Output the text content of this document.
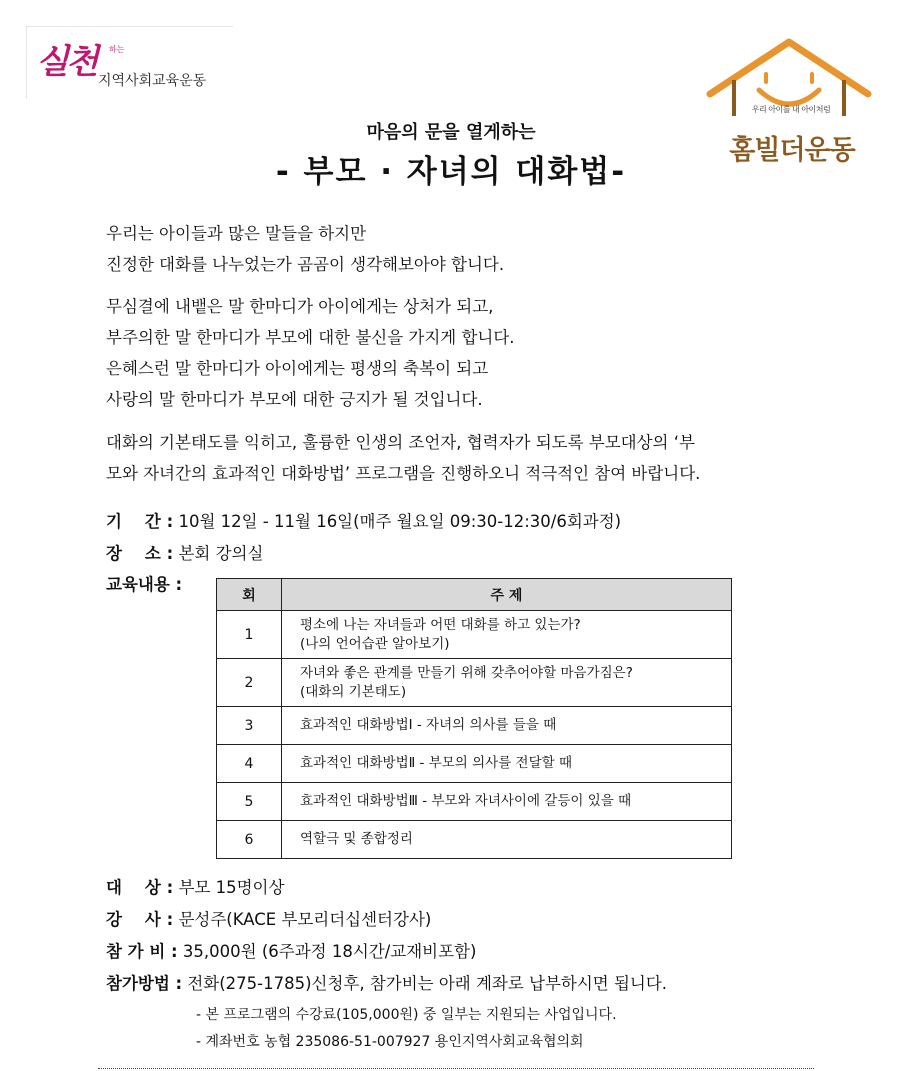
실천 하는
지역사회교육운동
우리 아이를 내 아이처럼
홈빌더운동
마음의 문을 열게하는
- 부모 · 자녀의 대화법-
우리는 아이들과 많은 말들을 하지만
진정한 대화를 나누었는가 곰곰이 생각해보아야 합니다.
무심결에 내뱉은 말 한마디가 아이에게는 상처가 되고,
부주의한 말 한마디가 부모에 대한 불신을 가지게 합니다.
은혜스런 말 한마디가 아이에게는 평생의 축복이 되고
사랑의 말 한마디가 부모에 대한 긍지가 될 것입니다.
대화의 기본태도를 익히고, 훌륭한 인생의 조언자, 협력자가 되도록 부모대상의 ‘부
모와 자녀간의 효과적인 대화방법’ 프로그램을 진행하오니 적극적인 참여 바랍니다.
기    간 : 10월 12일 - 11월 16일(매주 월요일 09:30-12:30/6회과정)
장    소 : 본회 강의실
교육내용 :
회	주 제
1	평소에 나는 자녀들과 어떤 대화를 하고 있는가?
(나의 언어습관 알아보기)

2	자녀와 좋은 관계를 만들기 위해 갖추어야할 마음가짐은?
(대화의 기본태도)

3	효과적인 대화방법Ⅰ - 자녀의 의사를 들을 때
4	효과적인 대화방법Ⅱ - 부모의 의사를 전달할 때
5	효과적인 대화방법Ⅲ - 부모와 자녀사이에 갈등이 있을 때
6	역할극 및 종합정리
대    상 : 부모 15명이상
강    사 : 문성주(KACE 부모리더십센터강사)
참 가 비 : 35,000원 (6주과정 18시간/교재비포함)
참가방법 : 전화(275-1785)신청후, 참가비는 아래 계좌로 납부하시면 됩니다.
- 본 프로그램의 수강료(105,000원) 중 일부는 지원되는 사업입니다.
- 계좌번호 농협 235086-51-007927 용인지역사회교육협의회
